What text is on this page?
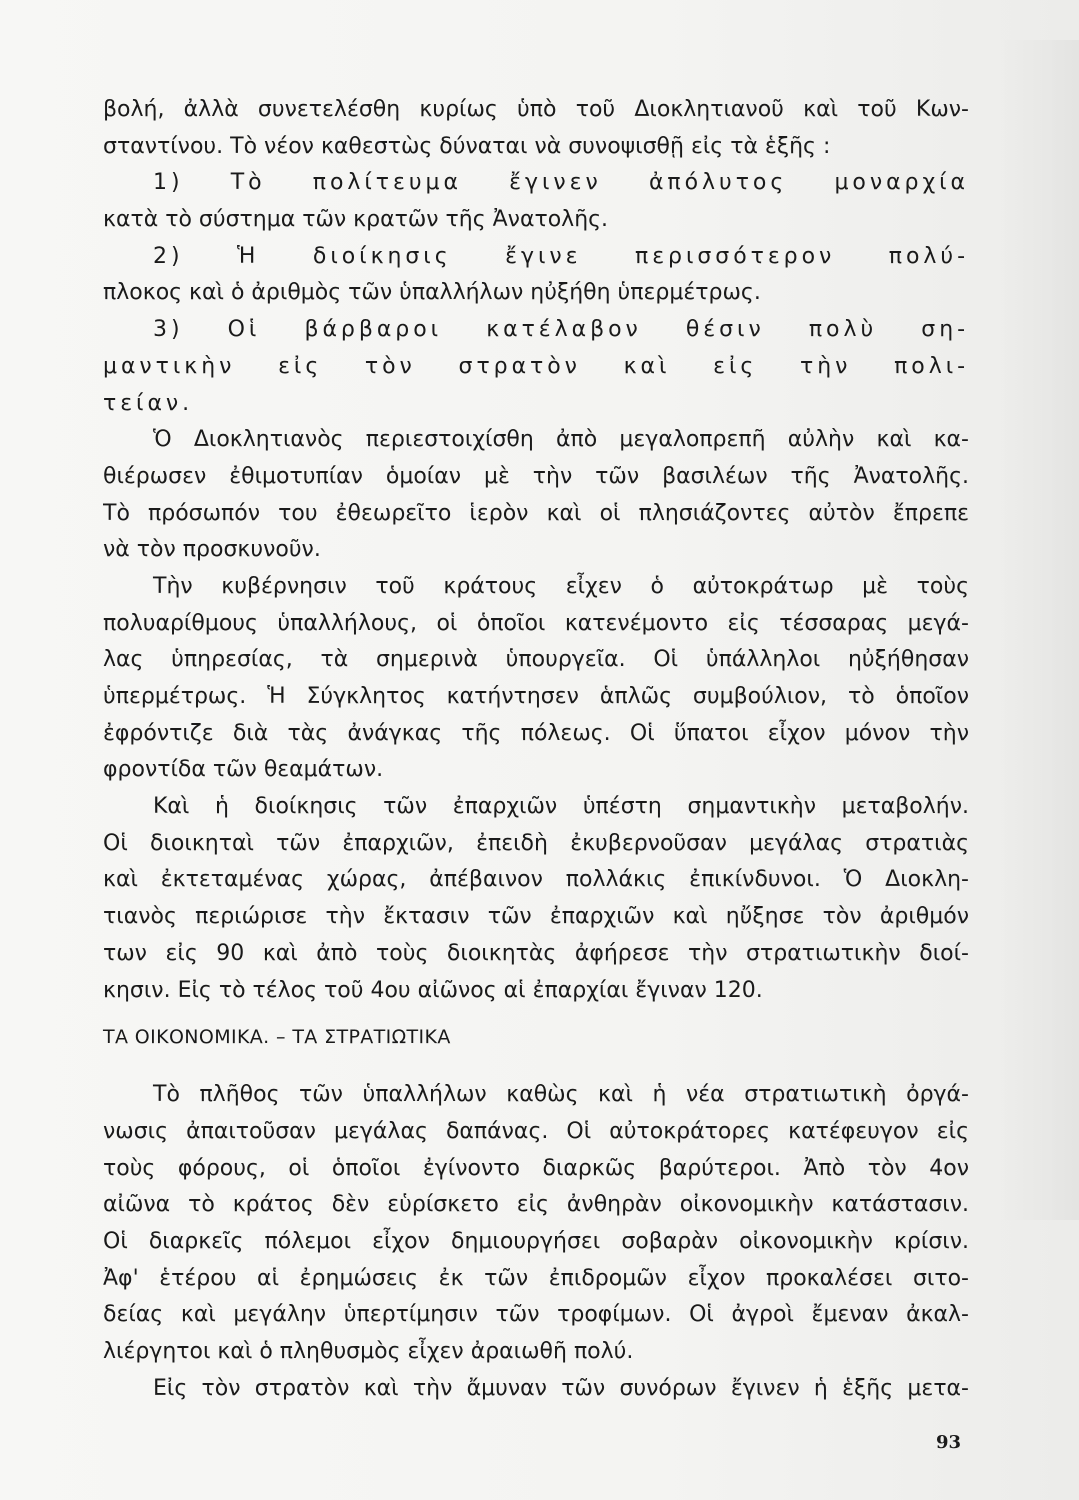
βολή, ἀλλὰ συνετελέσθη κυρίως ὑπὸ τοῦ Διοκλητιανοῦ καὶ τοῦ Κων-
σταντίνου. Τὸ νέον καθεστὼς δύναται νὰ συνοψισθῇ εἰς τὰ ἑξῆς :
1) Τὸ πολίτευμα ἔγινεν ἀπόλυτος μοναρχία
κατὰ τὸ σύστημα τῶν κρατῶν τῆς Ἀνατολῆς.
2) Ἡ διοίκησις ἔγινε περισσότερον πολύ-
πλοκος καὶ ὁ ἀριθμὸς τῶν ὑπαλλήλων ηὐξήθη ὑπερμέτρως.
3) Οἱ βάρβαροι κατέλαβον θέσιν πολὺ ση-
μαντικὴν εἰς τὸν στρατὸν καὶ εἰς τὴν πολι-
τείαν.
Ὁ Διοκλητιανὸς περιεστοιχίσθη ἀπὸ μεγαλοπρεπῆ αὐλὴν καὶ κα-
θιέρωσεν ἐθιμοτυπίαν ὁμοίαν μὲ τὴν τῶν βασιλέων τῆς Ἀνατολῆς.
Τὸ πρόσωπόν του ἐθεωρεῖτο ἱερὸν καὶ οἱ πλησιάζοντες αὐτὸν ἔπρεπε
νὰ τὸν προσκυνοῦν.
Τὴν κυβέρνησιν τοῦ κράτους εἶχεν ὁ αὐτοκράτωρ μὲ τοὺς
πολυαρίθμους ὑπαλλήλους, οἱ ὁποῖοι κατενέμοντο εἰς τέσσαρας μεγά-
λας ὑπηρεσίας, τὰ σημερινὰ ὑπουργεῖα. Οἱ ὑπάλληλοι ηὐξήθησαν
ὑπερμέτρως. Ἡ Σύγκλητος κατήντησεν ἁπλῶς συμβούλιον, τὸ ὁποῖον
ἐφρόντιζε διὰ τὰς ἀνάγκας τῆς πόλεως. Οἱ ὕπατοι εἶχον μόνον τὴν
φροντίδα τῶν θεαμάτων.
Καὶ ἡ διοίκησις τῶν ἐπαρχιῶν ὑπέστη σημαντικὴν μεταβολήν.
Οἱ διοικηταὶ τῶν ἐπαρχιῶν, ἐπειδὴ ἐκυβερνοῦσαν μεγάλας στρατιὰς
καὶ ἐκτεταμένας χώρας, ἀπέβαινον πολλάκις ἐπικίνδυνοι. Ὁ Διοκλη-
τιανὸς περιώρισε τὴν ἔκτασιν τῶν ἐπαρχιῶν καὶ ηὔξησε τὸν ἀριθμόν
των εἰς 90 καὶ ἀπὸ τοὺς διοικητὰς ἀφήρεσε τὴν στρατιωτικὴν διοί-
κησιν. Εἰς τὸ τέλος τοῦ 4ου αἰῶνος αἱ ἐπαρχίαι ἔγιναν 120.
ΤΑ ΟΙΚΟΝΟΜΙΚΑ. – ΤΑ ΣΤΡΑΤΙΩΤΙΚΑ
Τὸ πλῆθος τῶν ὑπαλλήλων καθὼς καὶ ἡ νέα στρατιωτικὴ ὀργά-
νωσις ἀπαιτοῦσαν μεγάλας δαπάνας. Οἱ αὐτοκράτορες κατέφευγον εἰς
τοὺς φόρους, οἱ ὁποῖοι ἐγίνοντο διαρκῶς βαρύτεροι. Ἀπὸ τὸν 4ον
αἰῶνα τὸ κράτος δὲν εὑρίσκετο εἰς ἀνθηρὰν οἰκονομικὴν κατάστασιν.
Οἱ διαρκεῖς πόλεμοι εἶχον δημιουργήσει σοβαρὰν οἰκονομικὴν κρίσιν.
Ἀφ' ἑτέρου αἱ ἐρημώσεις ἐκ τῶν ἐπιδρομῶν εἶχον προκαλέσει σιτο-
δείας καὶ μεγάλην ὑπερτίμησιν τῶν τροφίμων. Οἱ ἀγροὶ ἔμεναν ἀκαλ-
λιέργητοι καὶ ὁ πληθυσμὸς εἶχεν ἀραιωθῆ πολύ.
Εἰς τὸν στρατὸν καὶ τὴν ἄμυναν τῶν συνόρων ἔγινεν ἡ ἑξῆς μετα-
93
